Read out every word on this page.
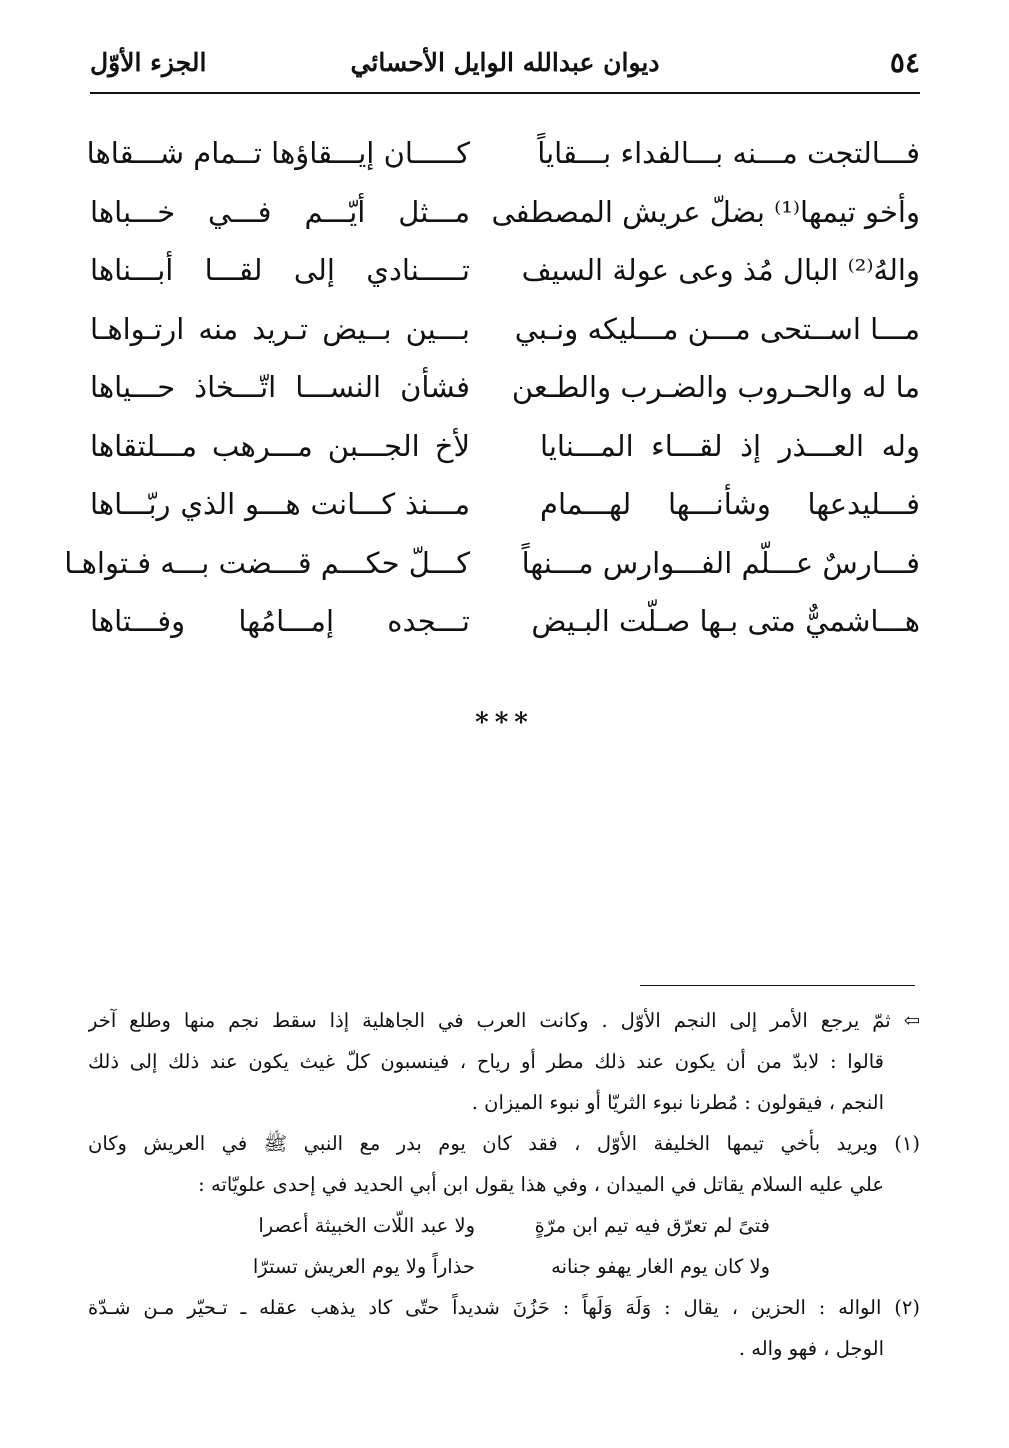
٥٤
ديوان عبدالله الوايل الأحسائي
الجزء الأوّل
فـــالتجت مـــنه بـــالفداء بـــقاياً
كـــــان إيـــقاؤها تــمام شـــقاها
وأخو تيمها⁽¹⁾ بضلّ عريش المصطفى
مـــثل أيّـــم فـــي خـــباها
والهُ⁽²⁾ البال مُذ وعى عولة السيف
تـــــنادي إلى لقـــا أبـــناها
مـــا اســتحى مـــن مـــليكه ونـبي
بـــين بــيض تـريد منه ارتـواهـا
ما له والحـروب والضـرب والطـعن
فشأن النســـا اتّـــخاذ حـــياها
وله العـــذر إذ لقـــاء المـــنايا
لأخ الجـــبن مـــرهب مـــلتقاها
فـــليدعها وشأنـــها لهـــمام
مـــنذ كـــانت هـــو الذي ربّـــاها
فـــارسٌ عـــلّم الفـــوارس مـــنهاً
كـــلّ حكـــم قـــضت بـــه فـتواهـا
هـــاشميٌّ متى بـها صـلّت البـيض
تـــجده إمـــامُها وفـــتاها
***
⇦ ثمّ يرجع الأمر إلى النجم الأوّل . وكانت العرب في الجاهلية إذا سقط نجم منها وطلع آخر
قالوا : لابدّ من أن يكون عند ذلك مطر أو رياح ، فينسبون كلّ غيث يكون عند ذلك إلى ذلك
النجم ، فيقولون : مُطرنا نبوء الثريّا أو نبوء الميزان .
(١) ويريد بأخي تيمها الخليفة الأوّل ، فقد كان يوم بدر مع النبي ﷺ في العريش وكان
علي عليه السلام يقاتل في الميدان ، وفي هذا يقول ابن أبي الحديد في إحدى علويّاته :
فتىً لم تعرّق فيه تيم ابن مرّةٍ
ولا عبد اللّات الخبيثة أعصرا
ولا كان يوم الغار يهفو جنانه
حذاراً ولا يوم العريش تسترّا
(٢) الواله : الحزين ، يقال : وَلَهَ وَلَهاً : حَزُنَ شديداً حتّى كاد يذهب عقله ـ تـحيّر مـن شـدّة
الوجل ، فهو واله .
